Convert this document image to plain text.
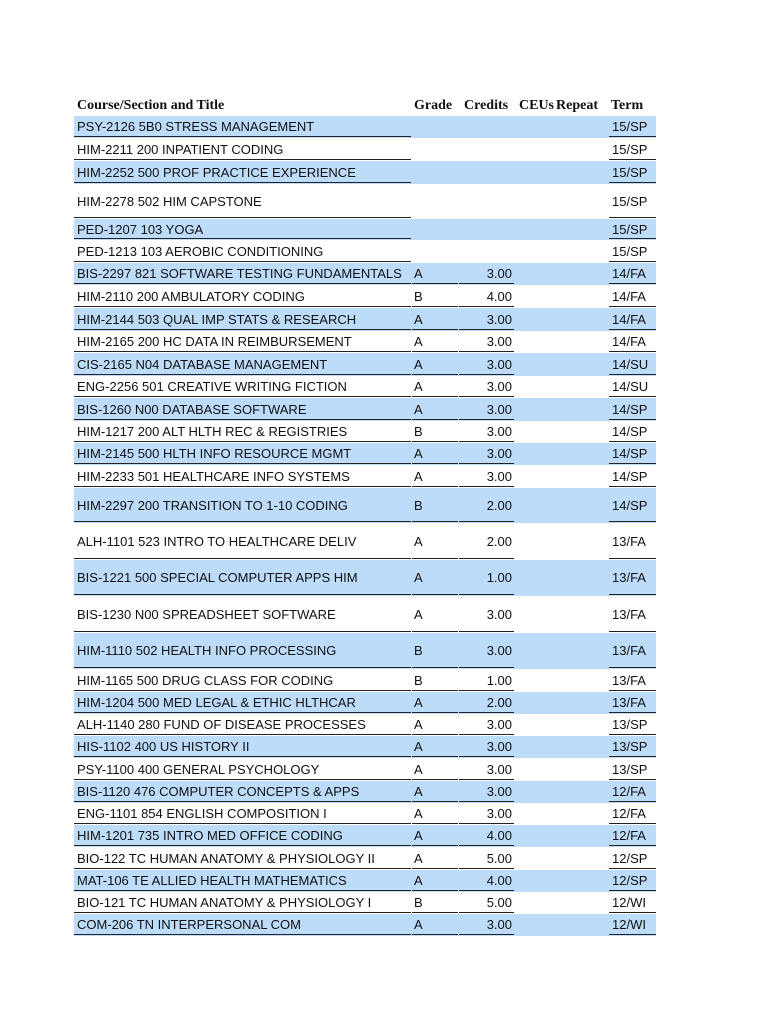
Course/Section and Title	Grade Credits CEUs Repeat Term
PSY-2126 5B0 STRESS MANAGEMENT	15/SP
HIM-2211 200 INPATIENT CODING	15/SP
HIM-2252 500 PROF PRACTICE EXPERIENCE	15/SP
HIM-2278 502 HIM CAPSTONE	15/SP
PED-1207 103 YOGA	15/SP
PED-1213 103 AEROBIC CONDITIONING	15/SP
BIS-2297 821 SOFTWARE TESTING FUNDAMENTALS A	3.00	14/FA
HIM-2110 200 AMBULATORY CODING	B	4.00	14/FA
HIM-2144 503 QUAL IMP STATS & RESEARCH	A	3.00	14/FA
HIM-2165 200 HC DATA IN REIMBURSEMENT	A	3.00	14/FA
CIS-2165 N04 DATABASE MANAGEMENT	A	3.00	14/SU
ENG-2256 501 CREATIVE WRITING FICTION	A	3.00	14/SU
BIS-1260 N00 DATABASE SOFTWARE	A	3.00	14/SP
HIM-1217 200 ALT HLTH REC & REGISTRIES	B	3.00	14/SP
HIM-2145 500 HLTH INFO RESOURCE MGMT	A	3.00	14/SP
HIM-2233 501 HEALTHCARE INFO SYSTEMS	A	3.00	14/SP
HIM-2297 200 TRANSITION TO 1-10 CODING	B	2.00	14/SP
ALH-1101 523 INTRO TO HEALTHCARE DELIV	A	2.00	13/FA
BIS-1221 500 SPECIAL COMPUTER APPS HIM	A	1.00	13/FA
BIS-1230 N00 SPREADSHEET SOFTWARE	A	3.00	13/FA
HIM-1110 502 HEALTH INFO PROCESSING	B	3.00	13/FA
HIM-1165 500 DRUG CLASS FOR CODING	B	1.00	13/FA
HIM-1204 500 MED LEGAL & ETHIC HLTHCAR	A	2.00	13/FA
ALH-1140 280 FUND OF DISEASE PROCESSES	A	3.00	13/SP
HIS-1102 400 US HISTORY II	A	3.00	13/SP
PSY-1100 400 GENERAL PSYCHOLOGY	A	3.00	13/SP
BIS-1120 476 COMPUTER CONCEPTS & APPS	A	3.00	12/FA
ENG-1101 854 ENGLISH COMPOSITION I	A	3.00	12/FA
HIM-1201 735 INTRO MED OFFICE CODING	A	4.00	12/FA
BIO-122 TC HUMAN ANATOMY & PHYSIOLOGY II	A	5.00	12/SP
MAT-106 TE ALLIED HEALTH MATHEMATICS	A	4.00	12/SP
BIO-121 TC HUMAN ANATOMY & PHYSIOLOGY I	B	5.00	12/WI
COM-206 TN INTERPERSONAL COM	A	3.00	12/WI
